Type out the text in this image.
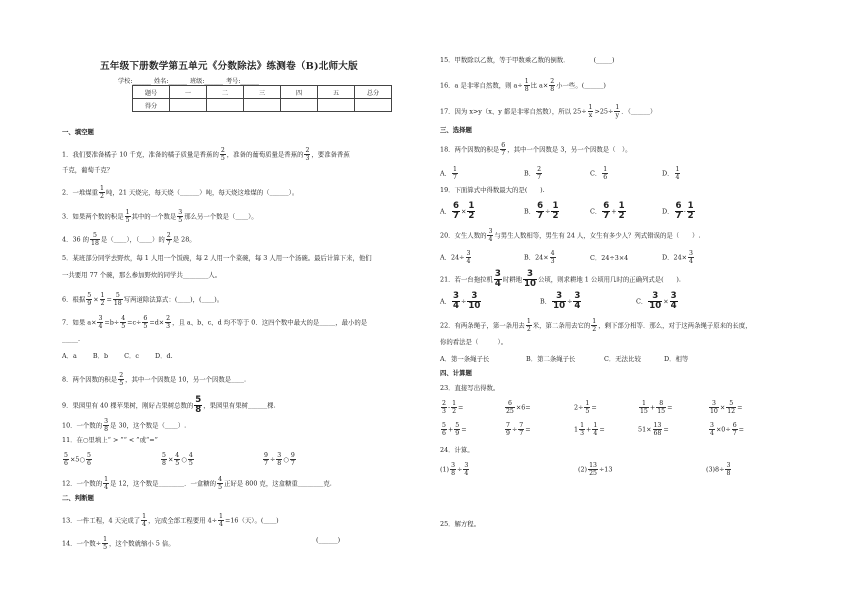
五年级下册数学第五单元《分数除法》练测卷（B)北师大版
学校:______ 姓名:______ 班级:______ 考号:______
题号	一	二	三	四	五	总分
得分						
一、填空题
1．我们要准备橘子 10 千克，准备的橘子质量是香蕉的 $\frac{2}{5}$ ，准备的葡萄质量是香蕉的 $\frac{2}{3}$ ，要准备香蕉
千克，葡萄千克？
2．一堆煤重 $\frac{1}{2}$ 吨，21 天烧完，每天烧（______）吨，每天烧这堆煤的（______）。
3．如果两个数的积是 $\frac{1}{5}$ 其中的一个数是 $\frac{3}{5}$ 那么另一个数是（____）。
4．36 的 $\frac{5}{18}$ 是（____），（____）的 $\frac{2}{7}$ 是 28。
5．某班部分同学去野炊，每 1 人用一个饭碗，每 2 人用一个菜碗，每 3 人用一个汤碗。最后计算下来，他们
一共要用 77 个碗，那么参加野炊的同学共________人。
6．根据 $\frac{5}{9} \times \frac{1}{2} = \frac{5}{18}$ 写两道除法算式：(____)，(____)。
7．如果 $a\times \frac{3}{4} =b\div \frac{4}{5} =c\div \frac{6}{5} =d\times \frac{2}{3}$ ，且 a、b、c、d 均不等于 0．这四个数中最大的是_____，最小的是
_____.
A．a	B．b	C．c	D．d.
8．两个因数的积是 $\frac{2}{5}$ ，其中一个因数是 10，另一个因数是____.
9．果园里有 40 棵苹果树，刚好占果树总数的 $\frac{5}{8}$ ，果园里有果树______棵.
10．一个数的 $\frac{3}{8}$ 是 30，这个数是（____）.
11．在○里填上“ > ”“ < ”或“=”
$\frac{5}{6}$ ×5○ $\frac{5}{6}$	$\frac{5}{8} \times \frac{4}{5}$ ○ $\frac{4}{5}$	$\frac{9}{7} \div \frac{3}{8}$ ○ $\frac{9}{7}$
12．一个数的 $\frac{1}{4}$ 是 12，这个数是________．一盒糖的 $\frac{4}{5}$ 正好是 800 克，这盒糖重________克.
二、判断题
13．一件工程，4 天完成了 $\frac{1}{4}$ ，完成全部工程要用 $4\div \frac{1}{4} =16$（天）。(____)
14．一个数÷ $\frac{1}{5}$ ，这个数就缩小 5 倍。	(______)
15．甲数除以乙数，等于甲数乘乙数的倒数．	(_____)
16．a 是非零自然数，则 $a\div \frac{1}{8}$ 比 $a\times \frac{2}{8}$ 小一些。(______)
17．因为 x>y（x、y 都是非零自然数），所以 $25\div \frac{1}{x} >25\div \frac{1}{y}$ ．（______）
三、选择题
18．两个因数的积是 $\frac{6}{7}$ ，其中一个因数是 3，另一个因数是（　）。
A． $\frac{1}{7}$	B． $\frac{2}{7}$	C． $\frac{1}{6}$	D． $\frac{1}{4}$
19．下面算式中得数最大的是(　　).
A． $\frac{6}{7} \times \frac{1}{2}$	B． $\frac{6}{7} \div \frac{1}{2}$	C． $\frac{6}{7} + \frac{1}{2}$	D． $\frac{6}{7} - \frac{1}{2}$
20．女生人数的 $\frac{3}{4}$ 与男生人数相等，男生有 24 人，女生有多少人？列式错误的是（　　）.
A．$24\div \frac{3}{4}$	B．$24\times \frac{4}{3}$	C．24÷3×4	D．$24\times \frac{3}{4}$
21．若一台拖拉机 $\frac{3}{4}$ 时耕地 $\frac{3}{10}$ 公顷，则求耕地 1 公顷用几时的正确列式是(　　).
A． $\frac{3}{4} \div \frac{3}{10}$	B． $\frac{3}{10} \div \frac{3}{4}$	C． $\frac{3}{10} \times \frac{3}{4}$
22．有两条绳子，第一条用去 $\frac{1}{2}$ 米，第二条用去它的 $\frac{1}{2}$ ，剩下部分相等．那么，对于这两条绳子原来的长度，
你的看法是（　　　）。
A．第一条绳子长	B．第二条绳子长	C．无法比较	D．相等
四、计算题
23．直接写出得数。
$\frac{2}{3} - \frac{1}{2}$ =	$\frac{6}{25} \times 6=$	$2\div \frac{1}{5}$ =	$\frac{1}{15} + \frac{8}{15}$ =	$\frac{3}{10} \times \frac{5}{12}$ =
$\frac{5}{6} + \frac{5}{9}$ =	$\frac{7}{9} \div \frac{7}{7}$ =	$1 \frac{1}{3} + \frac{1}{4}$ =	$51\times \frac{13}{68}$ =	$\frac{3}{4} \times 0\div \frac{6}{7}$ =
24．计算。
$(1) \frac{3}{8} \div \frac{3}{4}$	$(2) \frac{13}{25} \div 13$	$(3)8\div \frac{3}{8}$
25．解方程。
